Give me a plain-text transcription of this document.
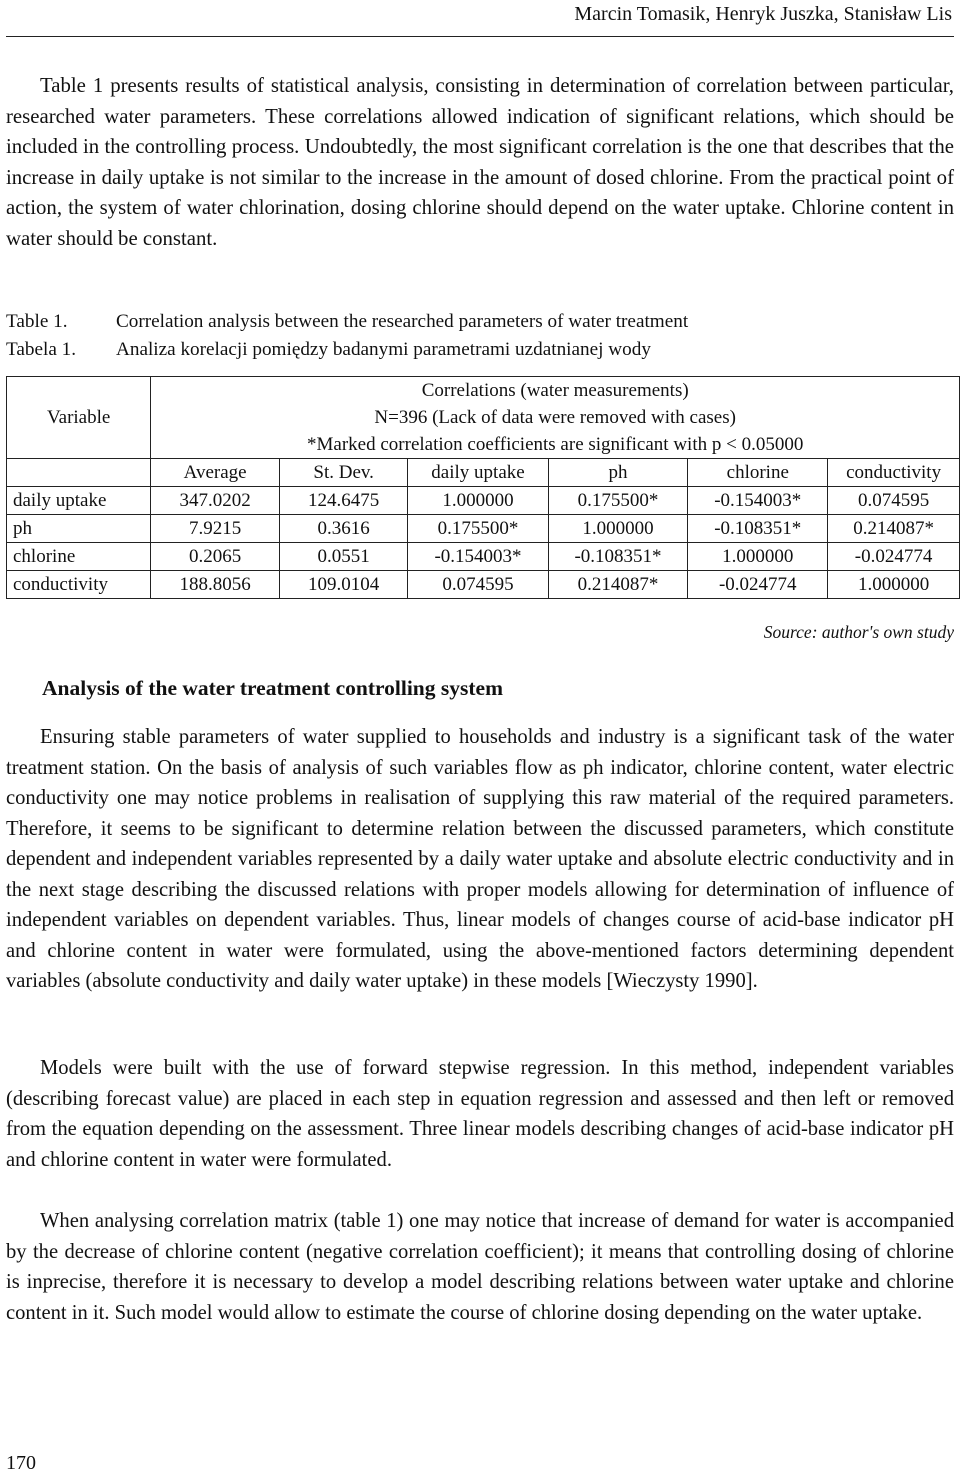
Marcin Tomasik, Henryk Juszka, Stanisław Lis

Table 1 presents results of statistical analysis, consisting in determination of correlation between particular, researched water parameters. These correlations allowed indication of significant relations, which should be included in the controlling process. Undoubtedly, the most significant correlation is the one that describes that the increase in daily uptake is not similar to the increase in the amount of dosed chlorine. From the practical point of action, the system of water chlorination, dosing chlorine should depend on the water uptake. Chlorine content in water should be constant.

Table 1.	Correlation analysis between the researched parameters of water treatment
Tabela 1. Analiza korelacji pomiędzy badanymi parametrami uzdatnianej wody
Variable	Correlations (water measurements)					
	N=396 (Lack of data were removed with cases)					
	*Marked correlation coefficients are significant with p < 0.05000					
	Average	St. Dev.	daily uptake	ph	chlorine	conductivity
daily uptake	347.0202	124.6475	1.000000	0.175500*	-0.154003*	0.074595
ph	7.9215	0.3616	0.175500*	1.000000	-0.108351*	0.214087*
chlorine	0.2065	0.0551	-0.154003*	-0.108351*	1.000000	-0.024774
conductivity	188.8056	109.0104	0.074595	0.214087*	-0.024774	1.000000
Source: author's own study
Analysis of the water treatment controlling system

Ensuring stable parameters of water supplied to households and industry is a significant task of the water treatment station. On the basis of analysis of such variables flow as ph indicator, chlorine content, water electric conductivity one may notice problems in realisation of supplying this raw material of the required parameters. Therefore, it seems to be significant to determine relation between the discussed parameters, which constitute dependent and independent variables represented by a daily water uptake and absolute electric conductivity and in the next stage describing the discussed relations with proper models allowing for determination of influence of independent variables on dependent variables. Thus, linear models of changes course of acid-base indicator pH and chlorine content in water were formulated, using the above-mentioned factors determining dependent variables (absolute conductivity and daily water uptake) in these models [Wieczysty 1990].

Models were built with the use of forward stepwise regression. In this method, independent variables (describing forecast value) are placed in each step in equation regression and assessed and then left or removed from the equation depending on the assessment. Three linear models describing changes of acid-base indicator pH and chlorine content in water were formulated.

When analysing correlation matrix (table 1) one may notice that increase of demand for water is accompanied by the decrease of chlorine content (negative correlation coefficient); it means that controlling dosing of chlorine is inprecise, therefore it is necessary to develop a model describing relations between water uptake and chlorine content in it. Such model would allow to estimate the course of chlorine dosing depending on the water uptake.

170
